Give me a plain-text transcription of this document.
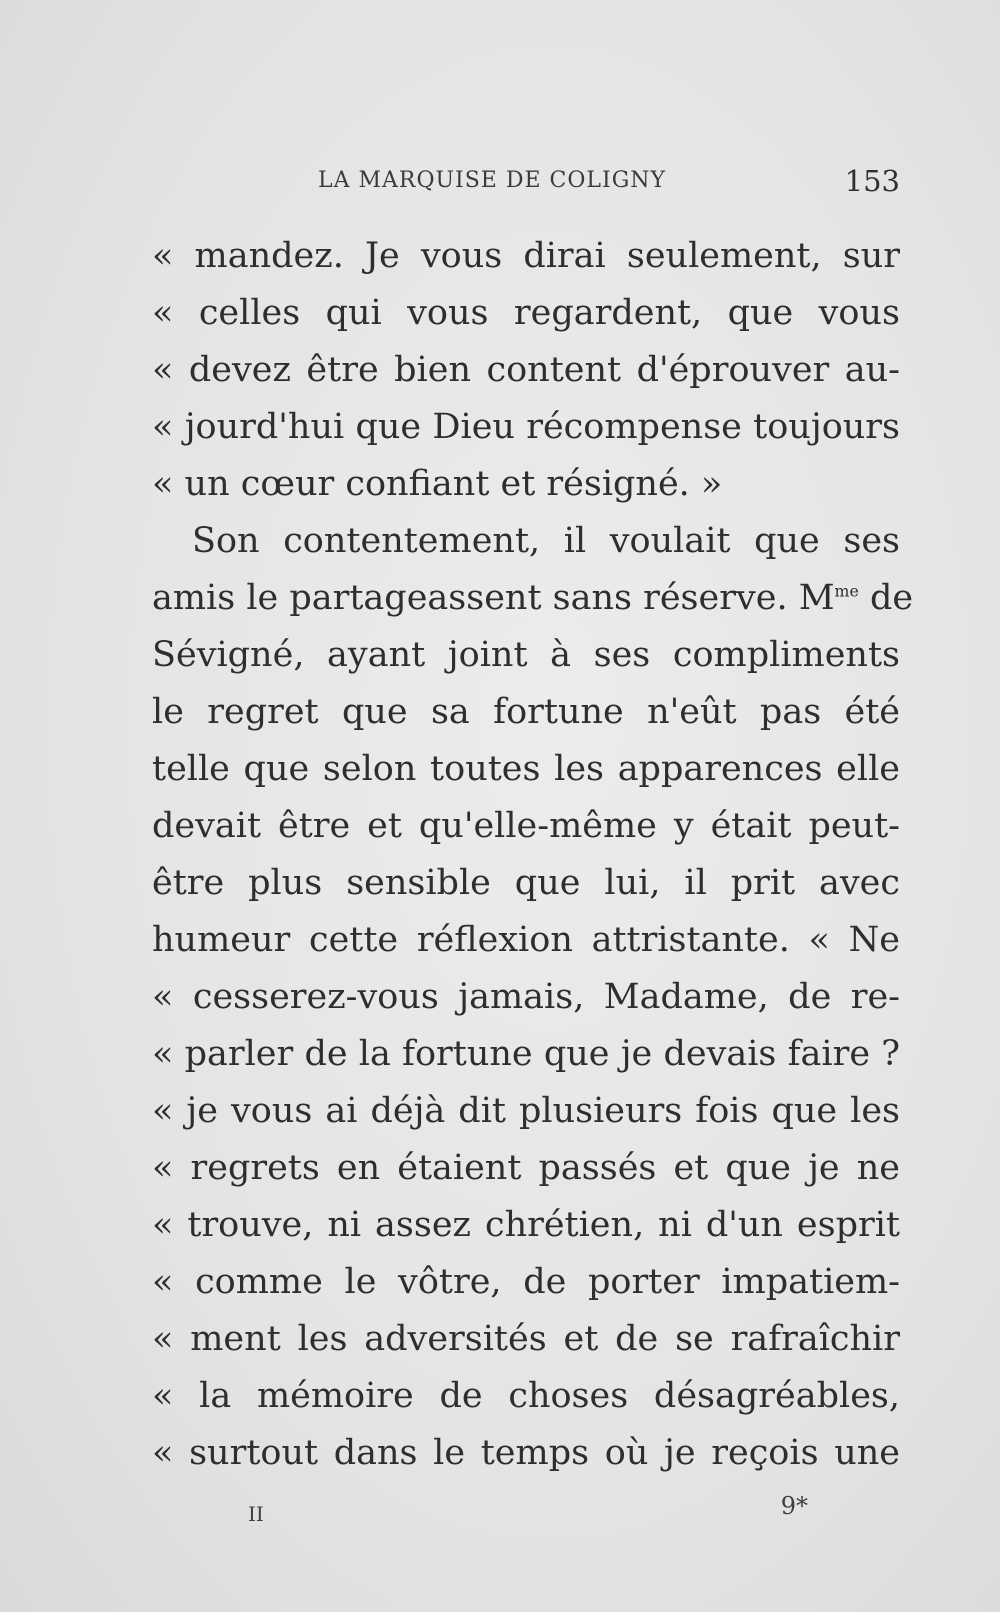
LA MARQUISE DE COLIGNY	153
« mandez. Je vous dirai seulement, sur
« celles qui vous regardent, que vous
« devez être bien content d'éprouver au-
« jourd'hui que Dieu récompense toujours
« un cœur confiant et résigné. »
Son contentement, il voulait que ses
amis le partageassent sans réserve. $M^{me}$ de
Sévigné, ayant joint à ses compliments
le regret que sa fortune n'eût pas été
telle que selon toutes les apparences elle
devait être et qu'elle-même y était peut-
être plus sensible que lui, il prit avec
humeur cette réflexion attristante. « Ne
« cesserez-vous jamais, Madame, de re-
« parler de la fortune que je devais faire ?
« je vous ai déjà dit plusieurs fois que les
« regrets en étaient passés et que je ne
« trouve, ni assez chrétien, ni d'un esprit
« comme le vôtre, de porter impatiem-
« ment les adversités et de se rafraîchir
« la mémoire de choses désagréables,
« surtout dans le temps où je reçois une
II	9*
